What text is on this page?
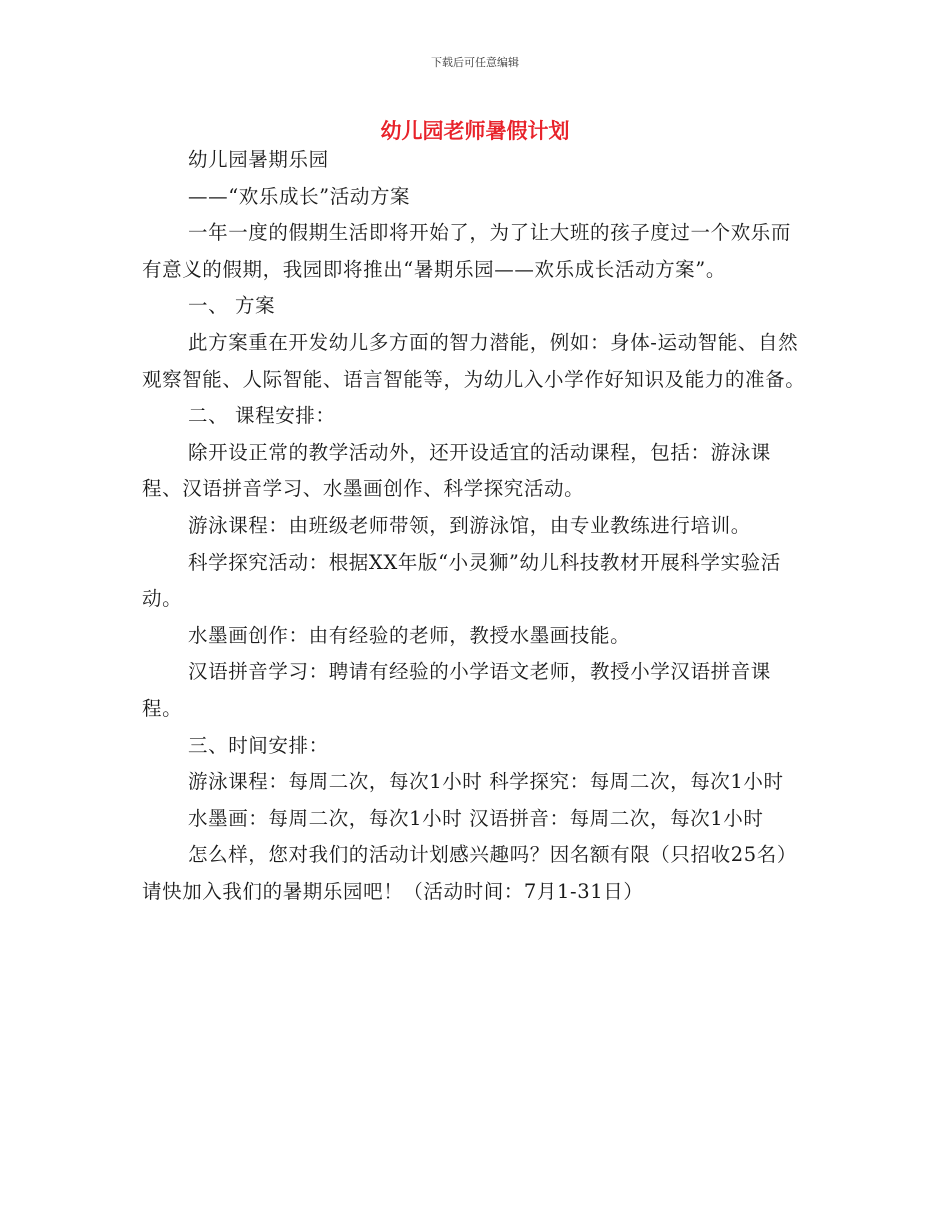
下载后可任意编辑
幼儿园老师暑假计划

幼儿园暑期乐园

——“欢乐成长”活动方案

一年一度的假期生活即将开始了，为了让大班的孩子度过一个欢乐而有意义的假期，我园即将推出“暑期乐园——欢乐成长活动方案”。

一、 方案

此方案重在开发幼儿多方面的智力潜能，例如：身体-运动智能、自然观察智能、人际智能、语言智能等，为幼儿入小学作好知识及能力的准备。

二、 课程安排：

除开设正常的教学活动外，还开设适宜的活动课程，包括：游泳课程、汉语拼音学习、水墨画创作、科学探究活动。

游泳课程：由班级老师带领，到游泳馆，由专业教练进行培训。

科学探究活动：根据XX年版“小灵狮”幼儿科技教材开展科学实验活动。

水墨画创作：由有经验的老师，教授水墨画技能。

汉语拼音学习：聘请有经验的小学语文老师，教授小学汉语拼音课程。

三、时间安排：

游泳课程：每周二次，每次1小时 科学探究：每周二次，每次1小时

水墨画：每周二次，每次1小时 汉语拼音：每周二次，每次1小时

怎么样，您对我们的活动计划感兴趣吗？因名额有限（只招收25名）请快加入我们的暑期乐园吧！（活动时间：7月1-31日）
